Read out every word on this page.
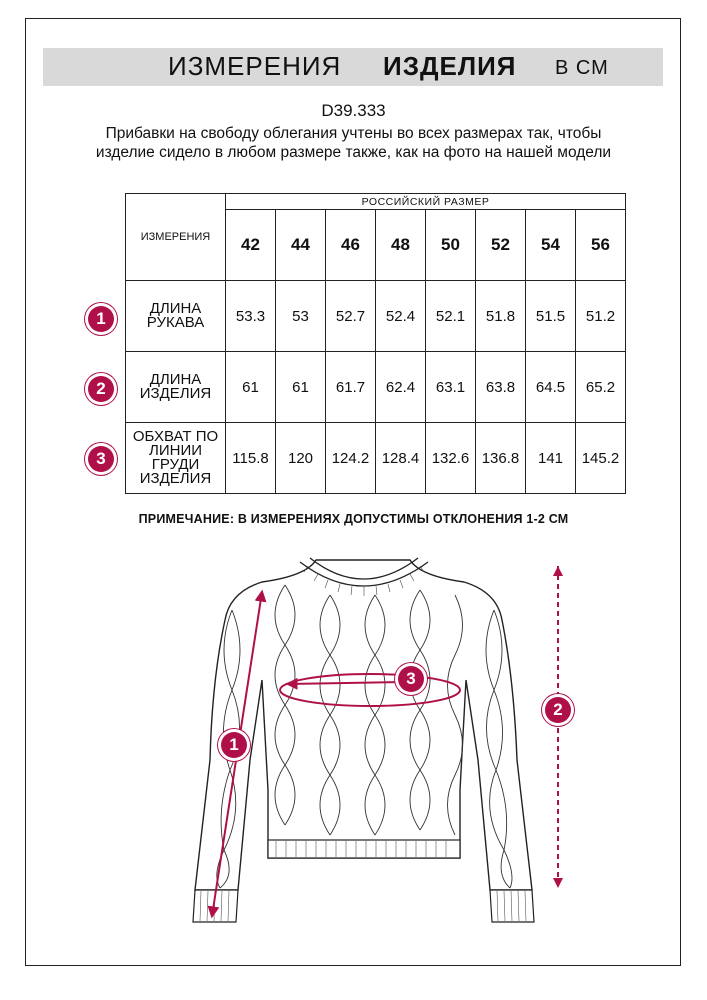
ИЗМЕРЕНИЯ ИЗДЕЛИЯ В СМ
D39.333
Прибавки на свободу облегания учтены во всех размерах так, чтобы изделие сидело в любом размере также, как на фото на нашей модели
ИЗМЕРЕНИЯ	РОССИЙСКИЙ РАЗМЕР							
	42	44	46	48	50	52	54	56
ДЛИНА РУКАВА	53.3	53	52.7	52.4	52.1	51.8	51.5	51.2
ДЛИНА ИЗДЕЛИЯ	61	61	61.7	62.4	63.1	63.8	64.5	65.2
ОБХВАТ ПО ЛИНИИ ГРУДИ ИЗДЕЛИЯ	115.8	120	124.2	128.4	132.6	136.8	141	145.2
1
2
3
ПРИМЕЧАНИЕ: В ИЗМЕРЕНИЯХ ДОПУСТИМЫ ОТКЛОНЕНИЯ 1-2 СМ
3
1
2
